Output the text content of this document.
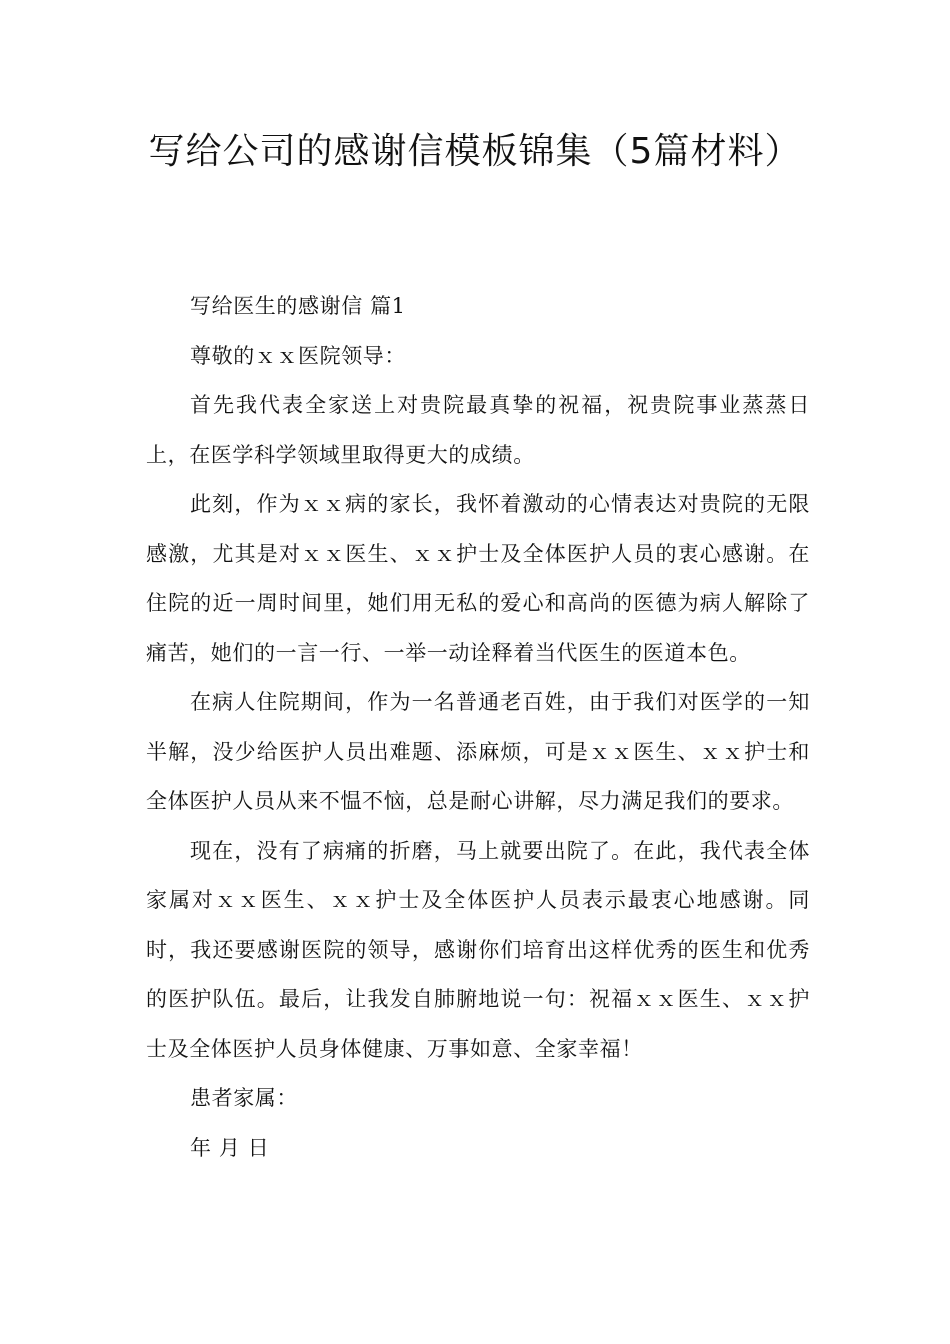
写给公司的感谢信模板锦集（5篇材料）

写给医生的感谢信 篇1

尊敬的ｘｘ医院领导：

首先我代表全家送上对贵院最真挚的祝福，祝贵院事业蒸蒸日上，在医学科学领域里取得更大的成绩。

此刻，作为ｘｘ病的家长，我怀着激动的心情表达对贵院的无限感激，尤其是对ｘｘ医生、ｘｘ护士及全体医护人员的衷心感谢。在住院的近一周时间里，她们用无私的爱心和高尚的医德为病人解除了痛苦，她们的一言一行、一举一动诠释着当代医生的医道本色。

在病人住院期间，作为一名普通老百姓，由于我们对医学的一知半解，没少给医护人员出难题、添麻烦，可是ｘｘ医生、ｘｘ护士和全体医护人员从来不愠不恼，总是耐心讲解，尽力满足我们的要求。

现在，没有了病痛的折磨，马上就要出院了。在此，我代表全体家属对ｘｘ医生、ｘｘ护士及全体医护人员表示最衷心地感谢。同时，我还要感谢医院的领导，感谢你们培育出这样优秀的医生和优秀的医护队伍。最后，让我发自肺腑地说一句：祝福ｘｘ医生、ｘｘ护士及全体医护人员身体健康、万事如意、全家幸福！

患者家属：

年 月 日
